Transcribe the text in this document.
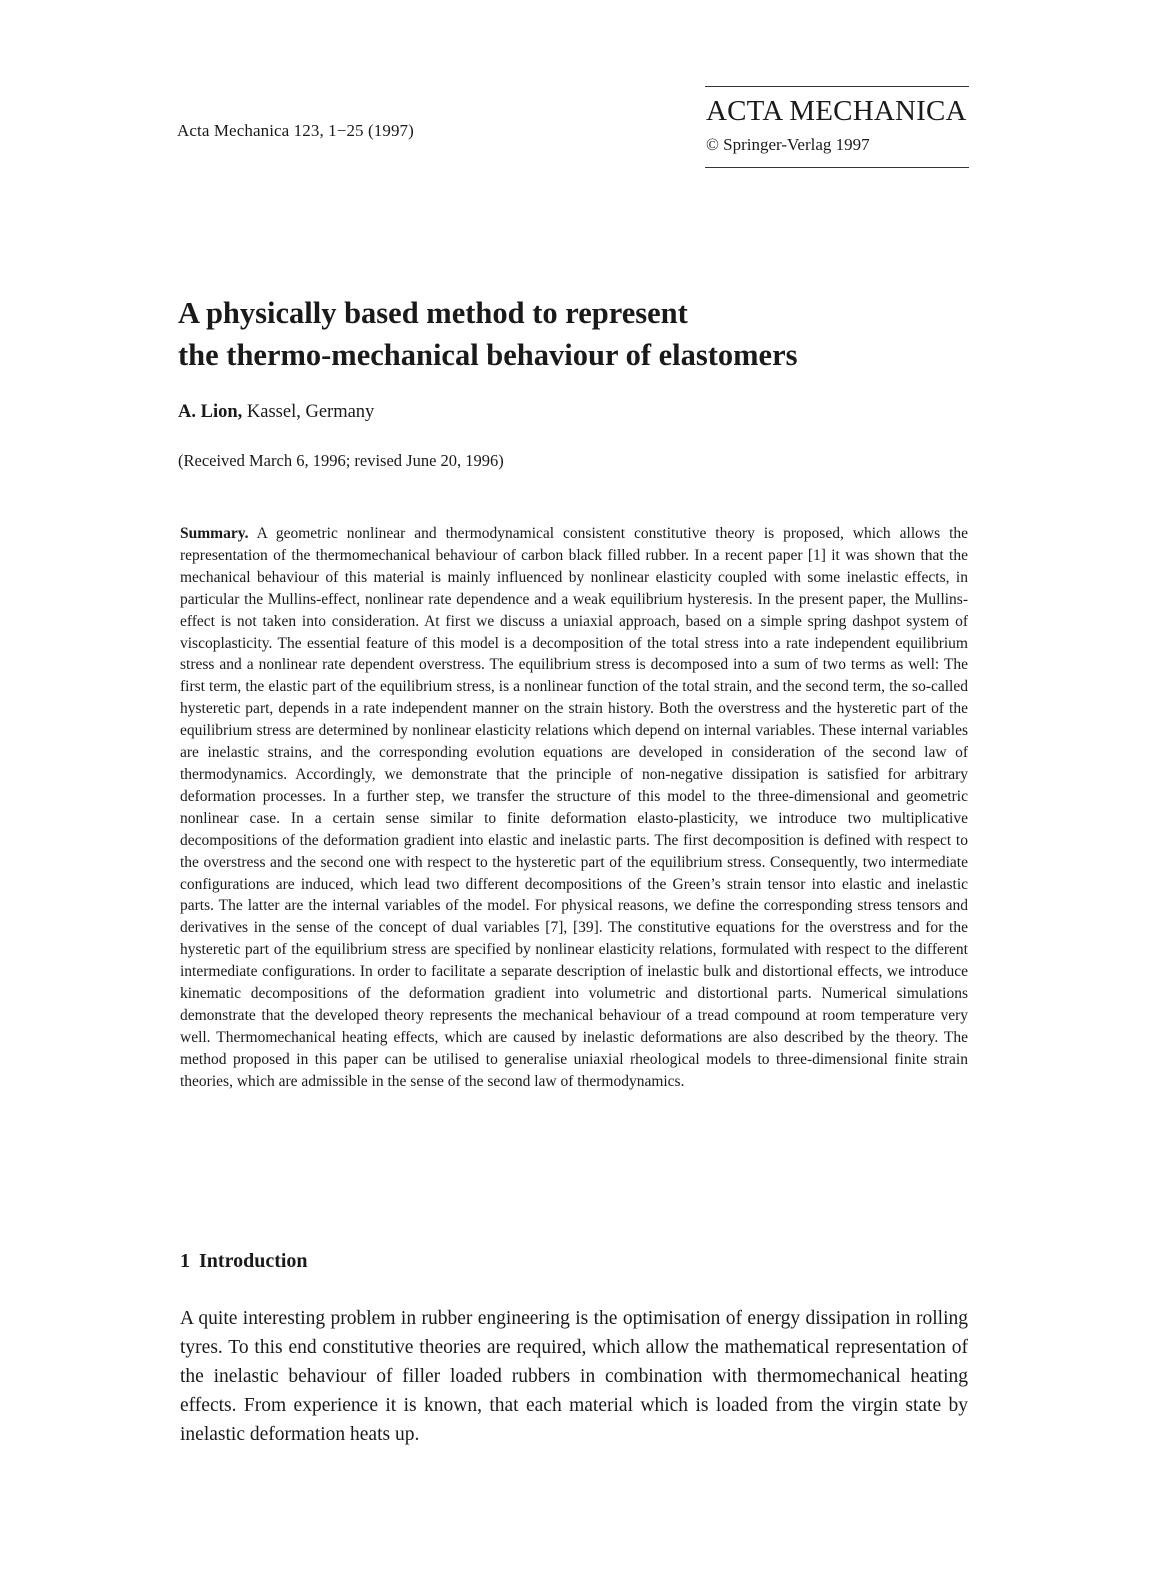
Acta Mechanica 123, 1−25 (1997)
ACTA MECHANICA
© Springer-Verlag 1997
A physically based method to represent
the thermo-mechanical behaviour of elastomers
A. Lion, Kassel, Germany
(Received March 6, 1996; revised June 20, 1996)

Summary. A geometric nonlinear and thermodynamical consistent constitutive theory is proposed, which allows the representation of the thermomechanical behaviour of carbon black filled rubber. In a recent paper [1] it was shown that the mechanical behaviour of this material is mainly influenced by nonlinear elasticity coupled with some inelastic effects, in particular the Mullins-effect, nonlinear rate dependence and a weak equilibrium hysteresis. In the present paper, the Mullins-effect is not taken into consideration. At first we discuss a uniaxial approach, based on a simple spring dashpot system of viscoplasticity. The essential feature of this model is a decomposition of the total stress into a rate independent equilibrium stress and a nonlinear rate dependent overstress. The equilibrium stress is decomposed into a sum of two terms as well: The first term, the elastic part of the equilibrium stress, is a nonlinear function of the total strain, and the second term, the so-called hysteretic part, depends in a rate independent manner on the strain history. Both the overstress and the hysteretic part of the equilibrium stress are determined by nonlinear elasticity relations which depend on internal variables. These internal variables are inelastic strains, and the corresponding evolution equations are developed in consideration of the second law of thermodynamics. Accordingly, we demonstrate that the principle of non-negative dissipation is satisfied for arbitrary deformation processes. In a further step, we transfer the structure of this model to the three-dimensional and geometric nonlinear case. In a certain sense similar to finite deformation elasto-plasticity, we introduce two multiplicative decompositions of the deformation gradient into elastic and inelastic parts. The first decomposition is defined with respect to the overstress and the second one with respect to the hysteretic part of the equilibrium stress. Consequently, two intermediate configurations are induced, which lead two different decompositions of the Green’s strain tensor into elastic and inelastic parts. The latter are the internal variables of the model. For physical reasons, we define the corresponding stress tensors and derivatives in the sense of the concept of dual variables [7], [39]. The constitutive equations for the overstress and for the hysteretic part of the equilibrium stress are specified by nonlinear elasticity relations, formulated with respect to the different intermediate configurations. In order to facilitate a separate description of inelastic bulk and distortional effects, we introduce kinematic decompositions of the deformation gradient into volumetric and distortional parts. Numerical simulations demonstrate that the developed theory represents the mechanical behaviour of a tread compound at room temperature very well. Thermomechanical heating effects, which are caused by inelastic deformations are also described by the theory. The method proposed in this paper can be utilised to generalise uniaxial rheological models to three-dimensional finite strain theories, which are admissible in the sense of the second law of thermodynamics.

1 Introduction

A quite interesting problem in rubber engineering is the optimisation of energy dissipation in rolling tyres. To this end constitutive theories are required, which allow the mathematical representation of the inelastic behaviour of filler loaded rubbers in combination with thermomechanical heating effects. From experience it is known, that each material which is loaded from the virgin state by inelastic deformation heats up.
